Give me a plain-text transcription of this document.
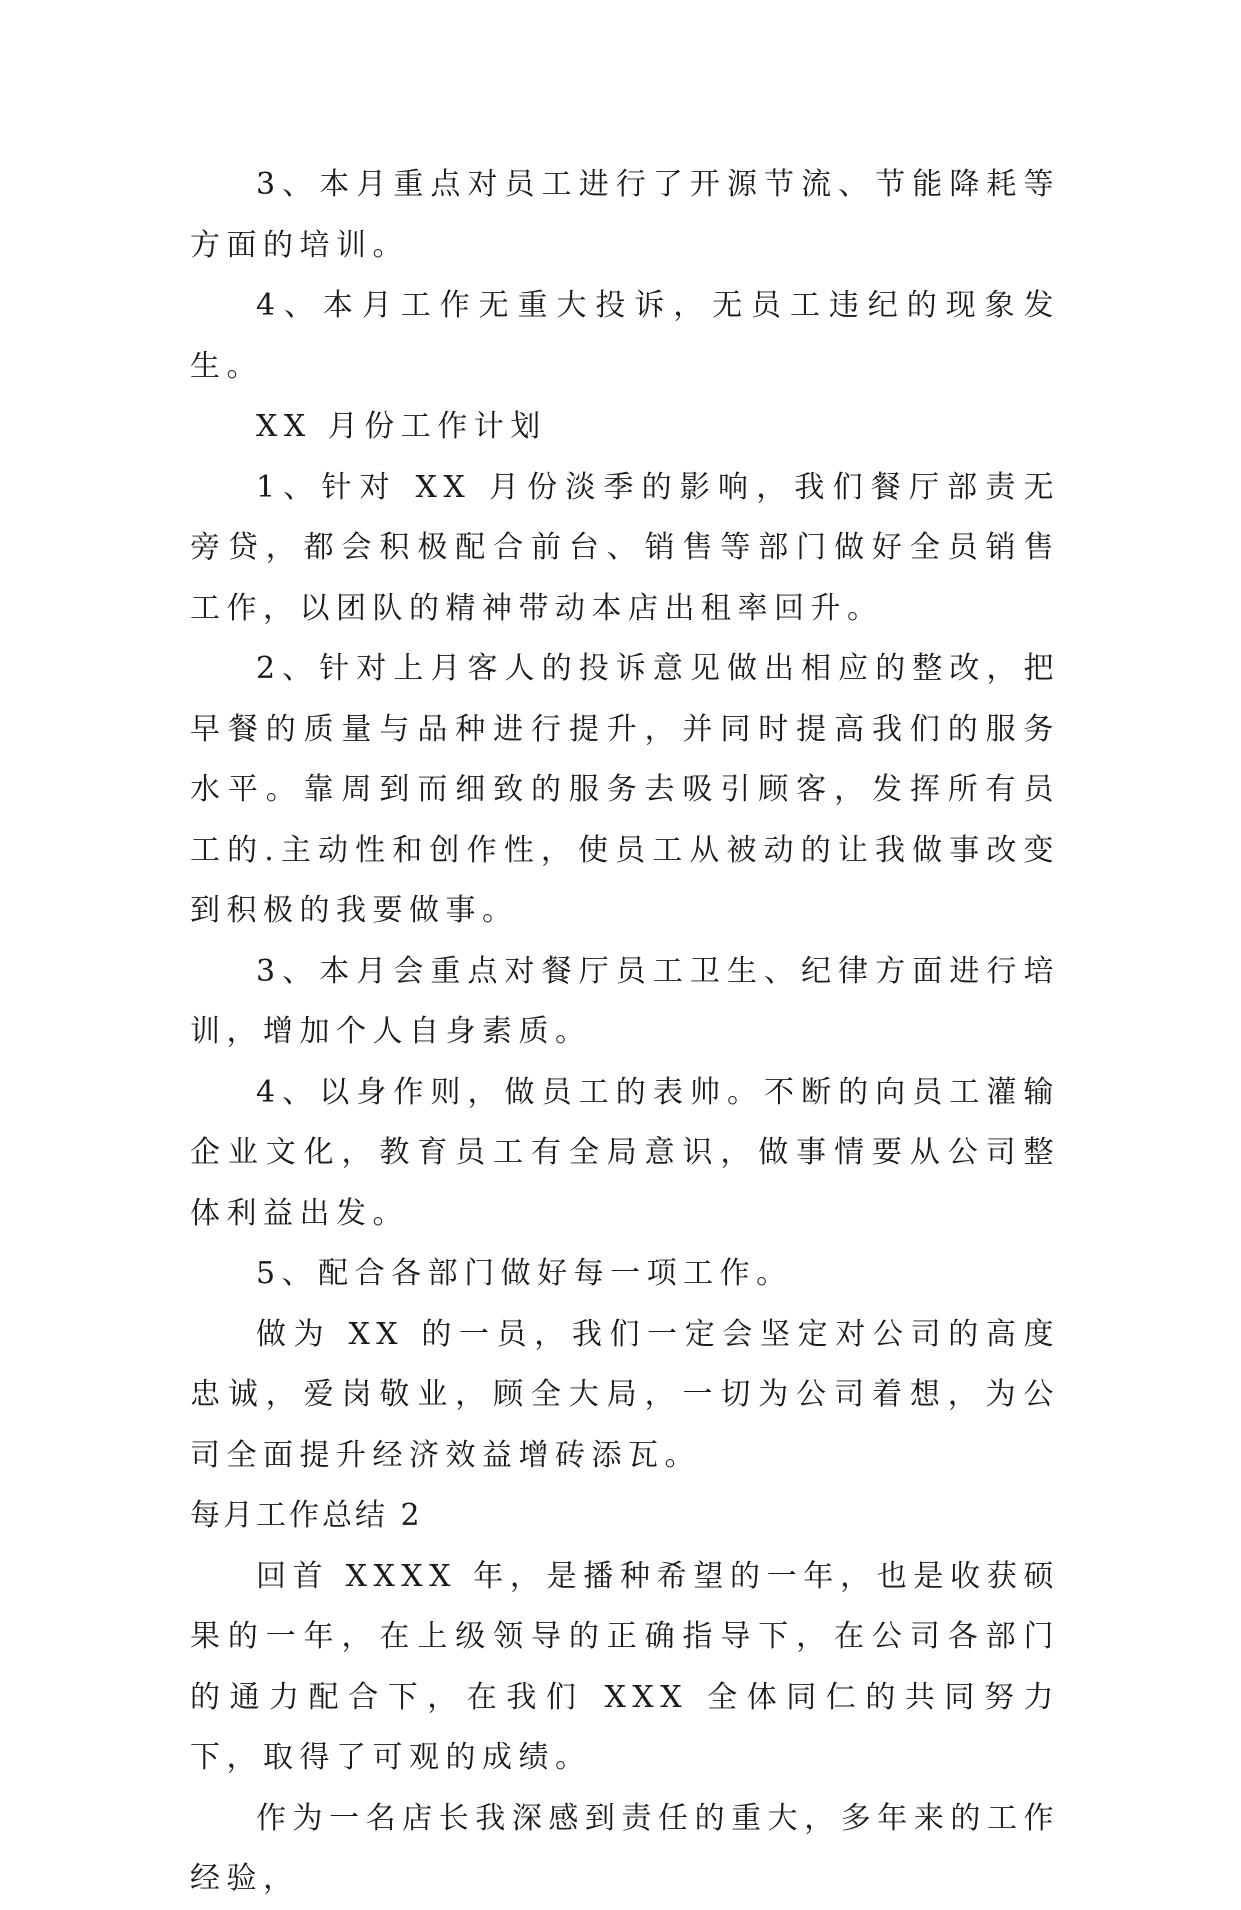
3、本月重点对员工进行了开源节流、节能降耗等方面的培训。

4、本月工作无重大投诉，无员工违纪的现象发生。

XX 月份工作计划

1、针对 XX 月份淡季的影响，我们餐厅部责无旁贷，都会积极配合前台、销售等部门做好全员销售工作，以团队的精神带动本店出租率回升。

2、针对上月客人的投诉意见做出相应的整改，把早餐的质量与品种进行提升，并同时提高我们的服务水平。靠周到而细致的服务去吸引顾客，发挥所有员工的.主动性和创作性，使员工从被动的让我做事改变到积极的我要做事。

3、本月会重点对餐厅员工卫生、纪律方面进行培训，增加个人自身素质。

4、以身作则，做员工的表帅。不断的向员工灌输企业文化，教育员工有全局意识，做事情要从公司整体利益出发。

5、配合各部门做好每一项工作。

做为 XX 的一员，我们一定会坚定对公司的高度忠诚，爱岗敬业，顾全大局，一切为公司着想，为公司全面提升经济效益增砖添瓦。

每月工作总结 2

回首 XXXX 年，是播种希望的一年，也是收获硕果的一年，在上级领导的正确指导下，在公司各部门的通力配合下，在我们 XXX 全体同仁的共同努力下，取得了可观的成绩。

作为一名店长我深感到责任的重大，多年来的工作经验，
